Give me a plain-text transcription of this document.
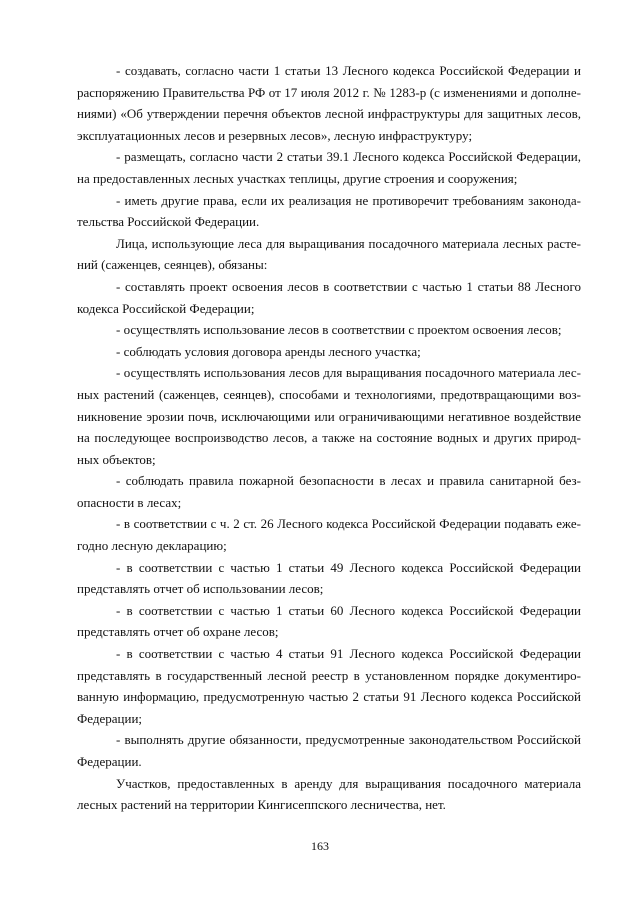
- создавать, согласно части 1 статьи 13 Лесного кодекса Российской Федерации и распоряжению Правительства РФ от 17 июля 2012 г. № 1283-р (с изменениями и дополнениями) «Об утверждении перечня объектов лесной инфраструктуры для защитных лесов, эксплуатационных лесов и резервных лесов», лесную инфраструктуру;

- размещать, согласно части 2 статьи 39.1 Лесного кодекса Российской Федерации, на предоставленных лесных участках теплицы, другие строения и сооружения;

- иметь другие права, если их реализация не противоречит требованиям законодательства Российской Федерации.

Лица, использующие леса для выращивания посадочного материала лесных растений (саженцев, сеянцев), обязаны:

- составлять проект освоения лесов в соответствии с частью 1 статьи 88 Лесного кодекса Российской Федерации;

- осуществлять использование лесов в соответствии с проектом освоения лесов;

- соблюдать условия договора аренды лесного участка;

- осуществлять использования лесов для выращивания посадочного материала лесных растений (саженцев, сеянцев), способами и технологиями, предотвращающими возникновение эрозии почв, исключающими или ограничивающими негативное воздействие на последующее воспроизводство лесов, а также на состояние водных и других природных объектов;

- соблюдать правила пожарной безопасности в лесах и правила санитарной безопасности в лесах;

- в соответствии с ч. 2 ст. 26 Лесного кодекса Российской Федерации подавать ежегодно лесную декларацию;

- в соответствии с частью 1 статьи 49 Лесного кодекса Российской Федерации представлять отчет об использовании лесов;

- в соответствии с частью 1 статьи 60 Лесного кодекса Российской Федерации представлять отчет об охране лесов;

- в соответствии с частью 4 статьи 91 Лесного кодекса Российской Федерации представлять в государственный лесной реестр в установленном порядке документированную информацию, предусмотренную частью 2 статьи 91 Лесного кодекса Российской Федерации;

- выполнять другие обязанности, предусмотренные законодательством Российской Федерации.

Участков, предоставленных в аренду для выращивания посадочного материала лесных растений на территории Кингисеппского лесничества, нет.

163
